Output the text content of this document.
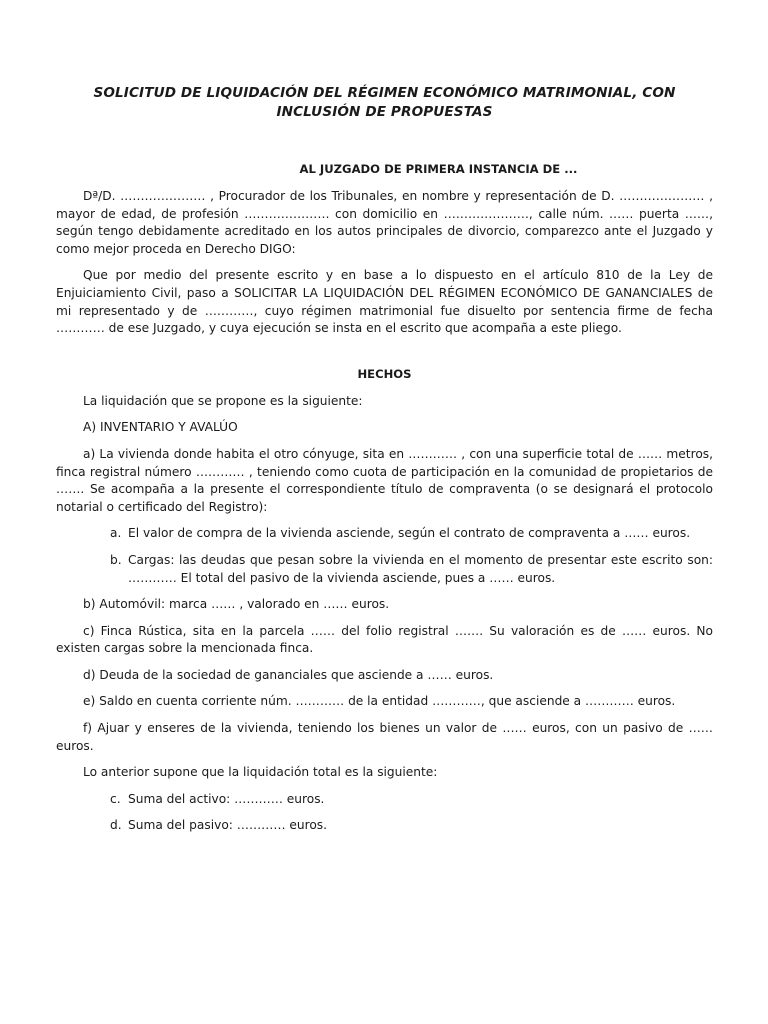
SOLICITUD DE LIQUIDACIÓN DEL RÉGIMEN ECONÓMICO MATRIMONIAL, CON INCLUSIÓN DE PROPUESTAS
AL JUZGADO DE PRIMERA INSTANCIA DE ...

Dª/D. ………………… , Procurador de los Tribunales, en nombre y representación de D. ………………… , mayor de edad, de profesión ………………… con domicilio en …………………, calle núm. …… puerta ……, según tengo debidamente acreditado en los autos principales de divorcio, comparezco ante el Juzgado y como mejor proceda en Derecho DIGO:

Que por medio del presente escrito y en base a lo dispuesto en el artículo 810 de la Ley de Enjuiciamiento Civil, paso a SOLICITAR LA LIQUIDACIÓN DEL RÉGIMEN ECONÓMICO DE GANANCIALES de mi representado y de …………, cuyo régimen matrimonial fue disuelto por sentencia firme de fecha ………… de ese Juzgado, y cuya ejecución se insta en el escrito que acompaña a este pliego.

HECHOS

La liquidación que se propone es la siguiente:

A) INVENTARIO Y AVALÚO

a) La vivienda donde habita el otro cónyuge, sita en ………… , con una superficie total de …… metros, finca registral número ………… , teniendo como cuota de participación en la comunidad de propietarios de ……. Se acompaña a la presente el correspondiente título de compraventa (o se designará el protocolo notarial o certificado del Registro):

a. El valor de compra de la vivienda asciende, según el contrato de compraventa a …… euros.
b. Cargas: las deudas que pesan sobre la vivienda en el momento de presentar este escrito son: ………… El total del pasivo de la vivienda asciende, pues a …… euros.

b) Automóvil: marca …… , valorado en …… euros.

c) Finca Rústica, sita en la parcela …… del folio registral ……. Su valoración es de …… euros. No existen cargas sobre la mencionada finca.

d) Deuda de la sociedad de gananciales que asciende a …… euros.

e) Saldo en cuenta corriente núm. ………… de la entidad …………, que asciende a ………… euros.

f) Ajuar y enseres de la vivienda, teniendo los bienes un valor de …… euros, con un pasivo de …… euros.

Lo anterior supone que la liquidación total es la siguiente:

c. Suma del activo: ………… euros.
d. Suma del pasivo: ………… euros.
